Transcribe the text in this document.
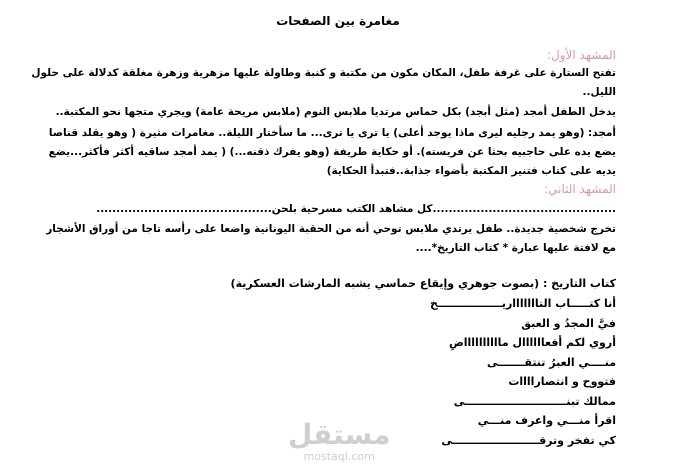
مغامرة بين الصفحات
المشهد الأول:
تفتح الستارة على غرفة طفل، المكان مكون من مكتبة و كنبة وطاولة عليها مزهرية وزهرة مغلقة كدلالة على حلول
الليل..
يدخل الطفل أمجد (مثل أبجد) بكل حماس مرتديا ملابس النوم (ملابس مريحة عامة) ويجري متجها نحو المكتبة..
أمجد: (وهو يمد رجليه ليرى ماذا يوجد أعلى) يا ترى يا ترى... ما سأختار الليلة.. مغامرات مثيرة ( وهو يقلد قناصا
يضع يده على حاجبيه بحثا عن فريسته). أو حكاية طريفة (وهو يفرك ذقنه...) ( يمد أمجد ساقيه أكثر فأكثر...يضع
يديه على كتاب فتنير المكتبة بأضواء جذابة..فتبدأ الحكاية)
المشهد الثاني:
..............................................كل مشاهد الكتب مسرحية بلحن............................................
تخرج شخصية جديدة.. طفل يرتدي ملابس توحي أنه من الحقبة اليونانية واضعا على رأسه تاجا من أوراق الأشجار
مع لافتة عليها عبارة * كتاب التاريخ*....
كتاب التاريخ : (بصوت جوهري وإيقاع حماسي يشبه المارشات العسكرية)
أنا كتـــــاب التاااااااريـــــــــــــــــخ
فيَّ المجدُ و العبق
أروي لكم أفعاااااال مااااااااااضِ
منــــي العبرُ تنتقـــــــى
فتووح و انتصاراااات
ممالك تبنـــــــــــــــــــــــــــى
اقرأ منـــي واعرف منـــي
كي تفخر وترقـــــــــــــــــــــــى
مستقل
mostaql.com
